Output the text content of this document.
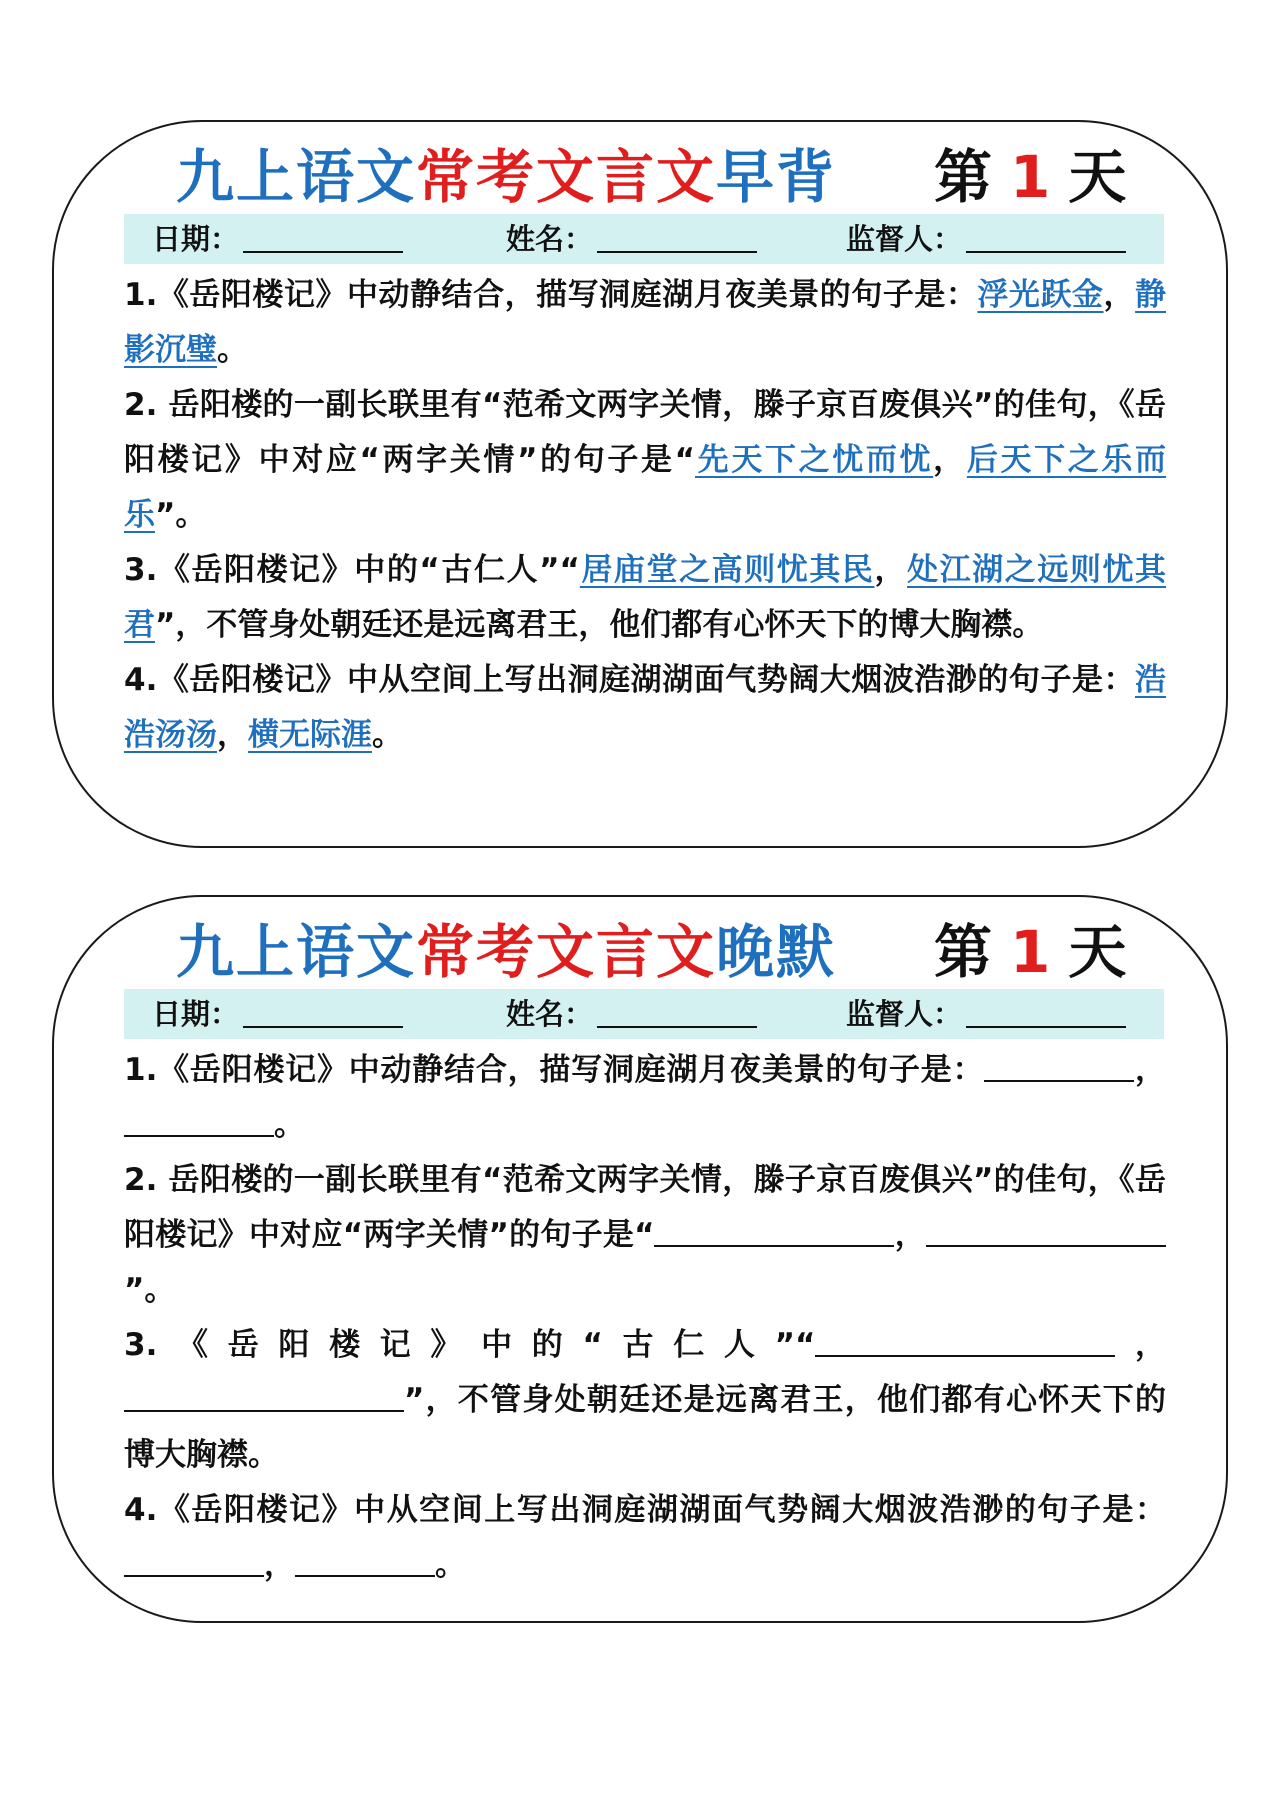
九上语文常考文言文早背 第 1 天
日期：	姓名：	监督人：

1.《岳阳楼记》中动静结合，描写洞庭湖月夜美景的句子是：浮光跃金，静影沉璧。

2. 岳阳楼的一副长联里有“范希文两字关情，滕子京百废俱兴”的佳句，《岳阳楼记》中对应“两字关情”的句子是“先天下之忧而忧，后天下之乐而乐”。

3.《岳阳楼记》中的“古仁人”“居庙堂之高则忧其民，处江湖之远则忧其君”，不管身处朝廷还是远离君王，他们都有心怀天下的博大胸襟。

4.《岳阳楼记》中从空间上写出洞庭湖湖面气势阔大烟波浩渺的句子是：浩浩汤汤，横无际涯。

九上语文常考文言文晚默 第 1 天
日期：	姓名：	监督人：

1.《岳阳楼记》中动静结合，描写洞庭湖月夜美景的句子是：	，。

2. 岳阳楼的一副长联里有“范希文两字关情，滕子京百废俱兴”的佳句，《岳阳楼记》中对应“两字关情”的句子是“	，”。

3.《岳阳楼记》中的“古仁人”“	，”，不管身处朝廷还是远离君王，他们都有心怀天下的博大胸襟。

4.《岳阳楼记》中从空间上写出洞庭湖湖面气势阔大烟波浩渺的句子是：，	。
